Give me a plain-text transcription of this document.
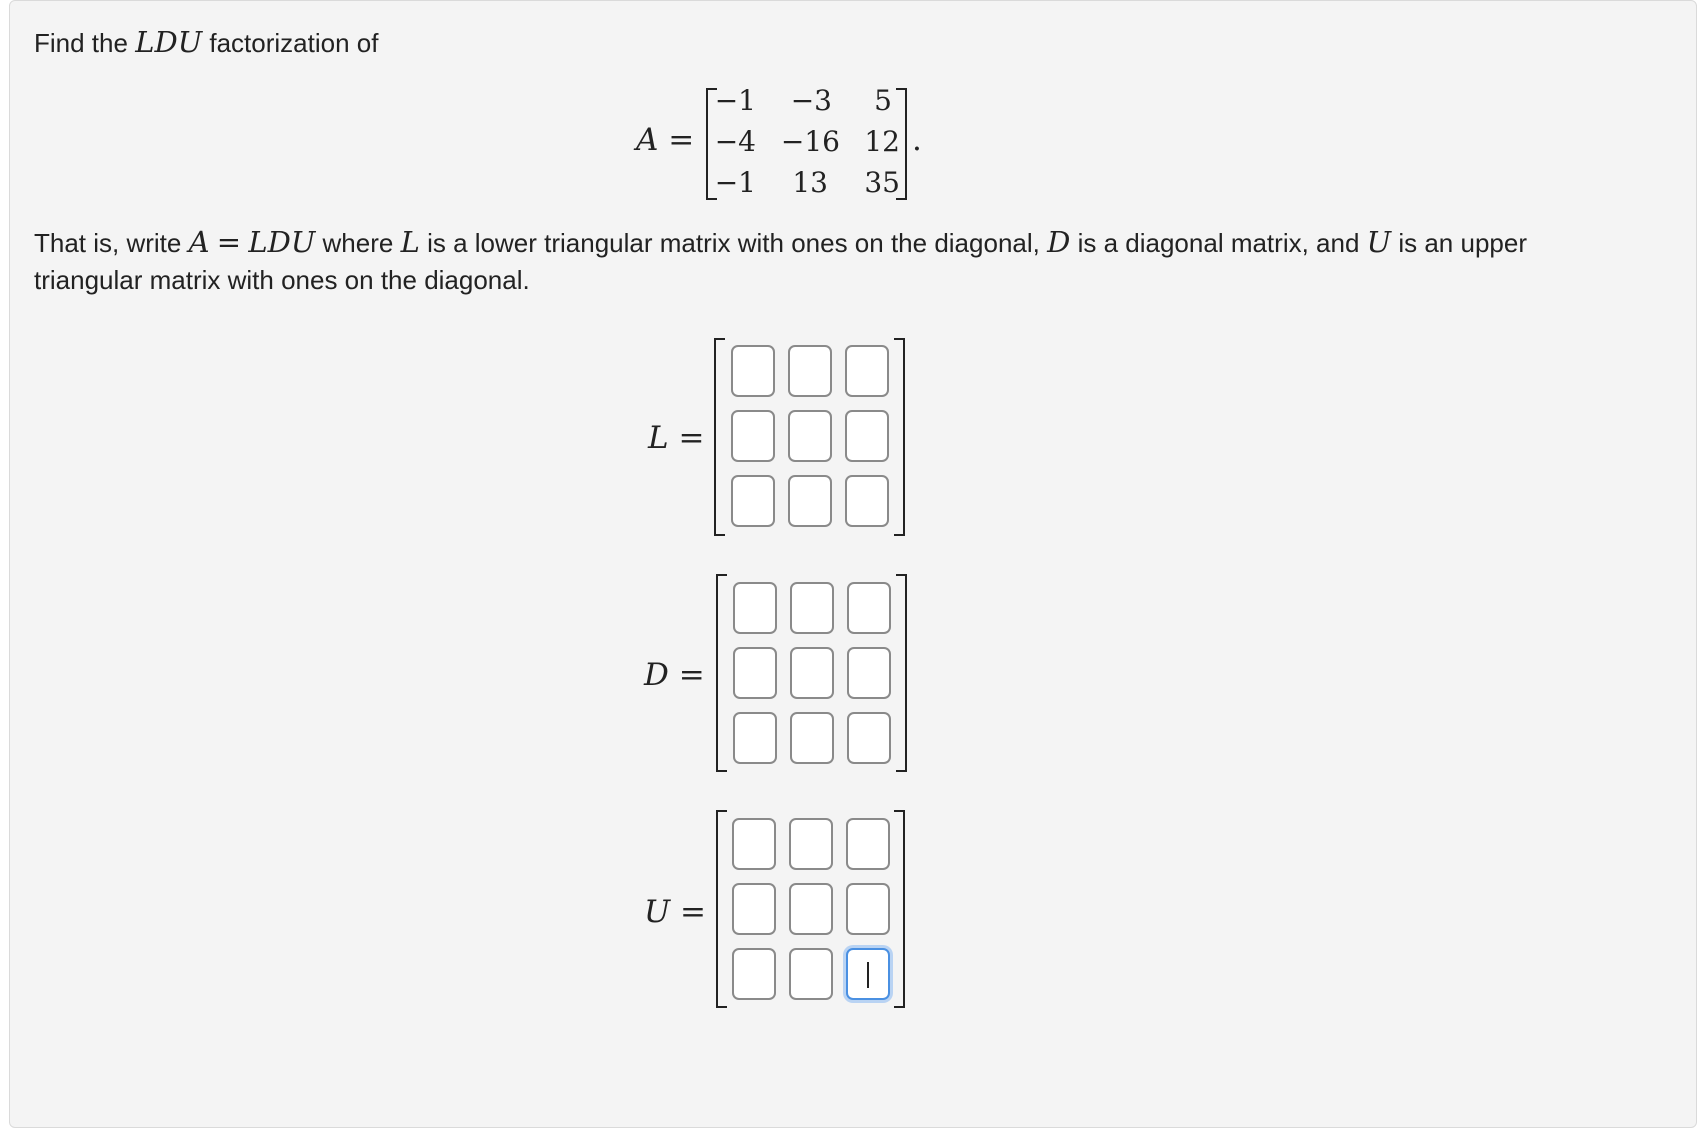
Find the LDU factorization of
A =
−1	−3	5
−4 −16 12
−1	13	35
.
That is, write A = LDU where L is a lower triangular matrix with ones on the diagonal, D is a diagonal matrix, and U is an upper
triangular matrix with ones on the diagonal.
L =
D =
U =
